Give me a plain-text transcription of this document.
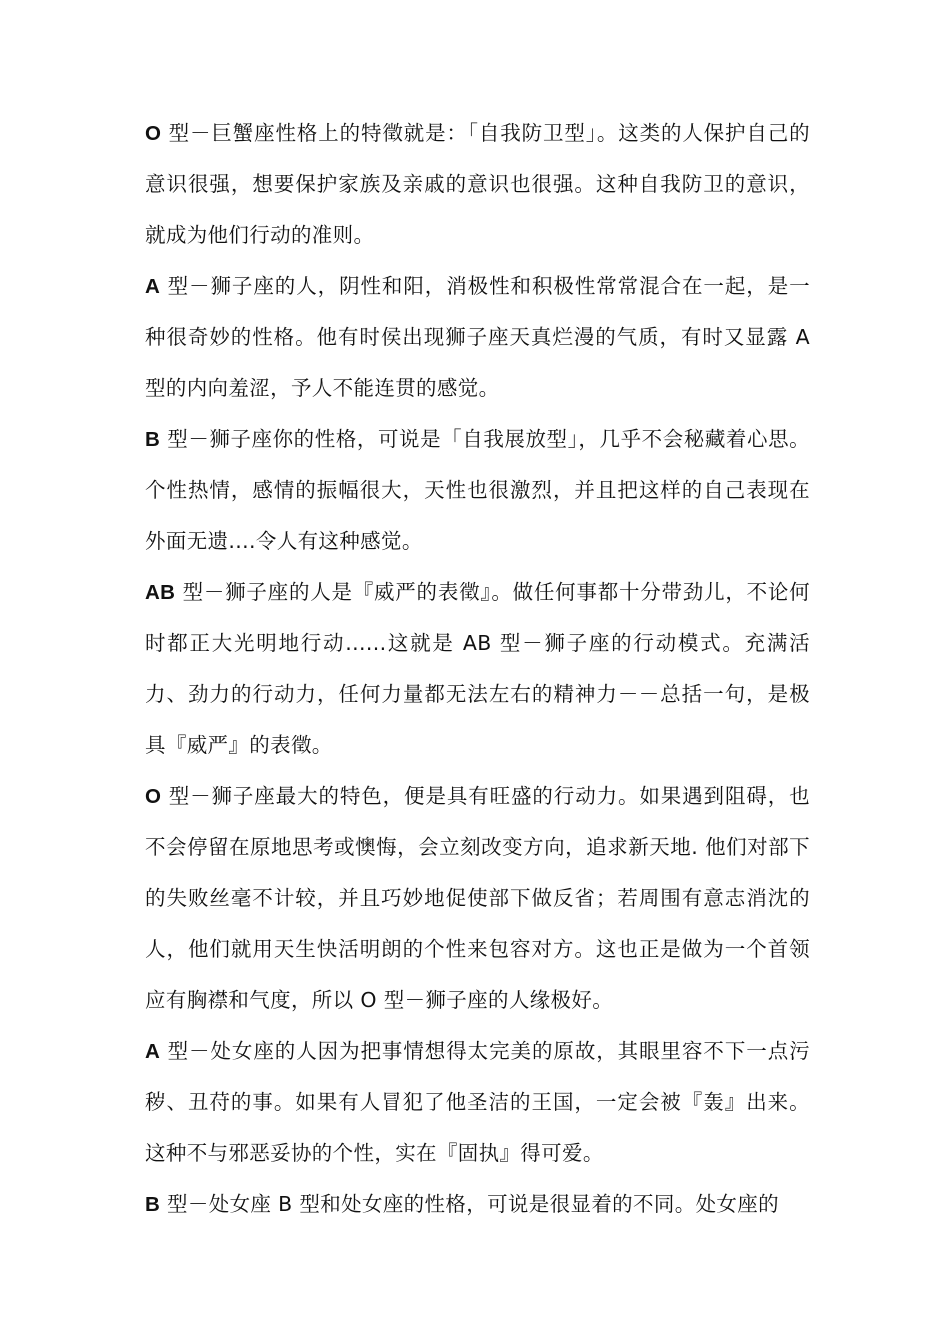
O 型－巨蟹座性格上的特徵就是：「自我防卫型」。这类的人保护自己的意识很强，想要保护家族及亲戚的意识也很强。这种自我防卫的意识，就成为他们行动的准则。

A 型－狮子座的人，阴性和阳，消极性和积极性常常混合在一起，是一种很奇妙的性格。他有时侯出现狮子座天真烂漫的气质，有时又显露 A 型的内向羞涩，予人不能连贯的感觉。

B 型－狮子座你的性格，可说是「自我展放型」，几乎不会秘藏着心思。个性热情，感情的振幅很大，天性也很激烈，并且把这样的自己表现在外面无遗....令人有这种感觉。

AB 型－狮子座的人是『威严的表徵』。做任何事都十分带劲儿，不论何时都正大光明地行动......这就是 AB 型－狮子座的行动模式。充满活力、劲力的行动力，任何力量都无法左右的精神力－－总括一句，是极具『威严』的表徵。

O 型－狮子座最大的特色，便是具有旺盛的行动力。如果遇到阻碍，也不会停留在原地思考或懊悔，会立刻改变方向，追求新天地. 他们对部下的失败丝毫不计较，并且巧妙地促使部下做反省；若周围有意志消沈的人，他们就用天生快活明朗的个性来包容对方。这也正是做为一个首领应有胸襟和气度，所以 O 型－狮子座的人缘极好。

A 型－处女座的人因为把事情想得太完美的原故，其眼里容不下一点污秽、丑苻的事。如果有人冒犯了他圣洁的王国，一定会被『轰』出来。这种不与邪恶妥协的个性，实在『固执』得可爱。

B 型－处女座 B 型和处女座的性格，可说是很显着的不同。处女座的
